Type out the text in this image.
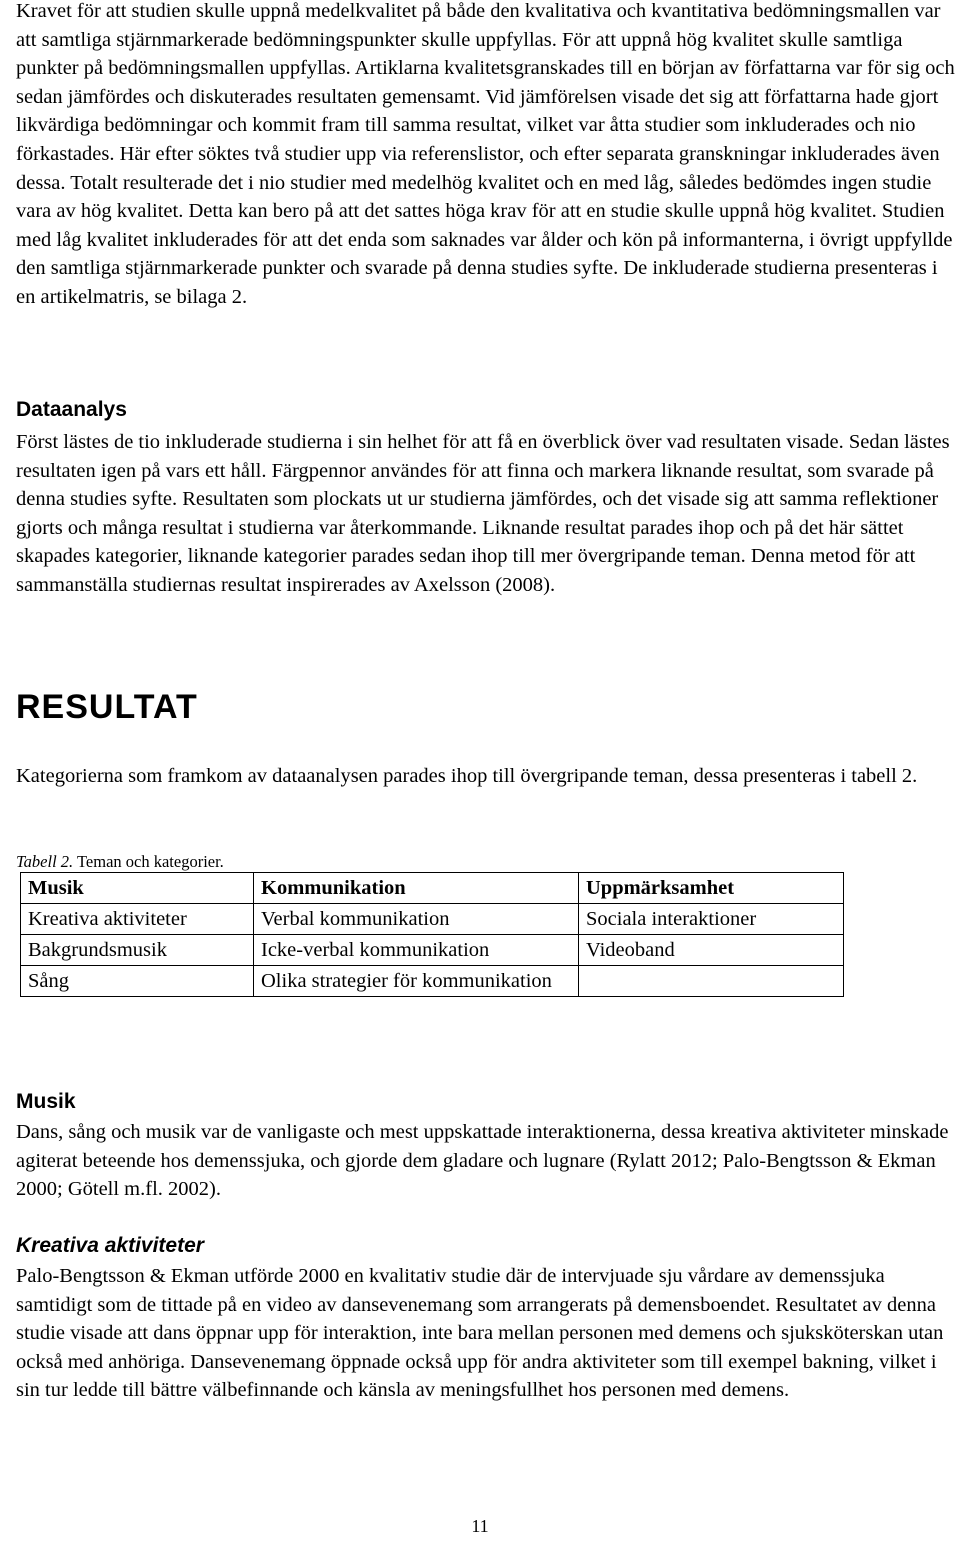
Kravet för att studien skulle uppnå medelkvalitet på både den kvalitativa och kvantitativa bedömningsmallen var att samtliga stjärnmarkerade bedömningspunkter skulle uppfyllas. För att uppnå hög kvalitet skulle samtliga punkter på bedömningsmallen uppfyllas. Artiklarna kvalitetsgranskades till en början av författarna var för sig och sedan jämfördes och diskuterades resultaten gemensamt. Vid jämförelsen visade det sig att författarna hade gjort likvärdiga bedömningar och kommit fram till samma resultat, vilket var åtta studier som inkluderades och nio förkastades. Här efter söktes två studier upp via referenslistor, och efter separata granskningar inkluderades även dessa. Totalt resulterade det i nio studier med medelhög kvalitet och en med låg, således bedömdes ingen studie vara av hög kvalitet. Detta kan bero på att det sattes höga krav för att en studie skulle uppnå hög kvalitet. Studien med låg kvalitet inkluderades för att det enda som saknades var ålder och kön på informanterna, i övrigt uppfyllde den samtliga stjärnmarkerade punkter och svarade på denna studies syfte. De inkluderade studierna presenteras i en artikelmatris, se bilaga 2.

Dataanalys

Först lästes de tio inkluderade studierna i sin helhet för att få en överblick över vad resultaten visade. Sedan lästes resultaten igen på vars ett håll. Färgpennor användes för att finna och markera liknande resultat, som svarade på denna studies syfte. Resultaten som plockats ut ur studierna jämfördes, och det visade sig att samma reflektioner gjorts och många resultat i studierna var återkommande. Liknande resultat parades ihop och på det här sättet skapades kategorier, liknande kategorier parades sedan ihop till mer övergripande teman. Denna metod för att sammanställa studiernas resultat inspirerades av Axelsson (2008).

RESULTAT

Kategorierna som framkom av dataanalysen parades ihop till övergripande teman, dessa presenteras i tabell 2.

Tabell 2. Teman och kategorier.

Musik	Kommunikation	Uppmärksamhet
Kreativa aktiviteter	Verbal kommunikation	Sociala interaktioner
Bakgrundsmusik	Icke-verbal kommunikation	Videoband
Sång	Olika strategier för kommunikation	
Musik

Dans, sång och musik var de vanligaste och mest uppskattade interaktionerna, dessa kreativa aktiviteter minskade agiterat beteende hos demenssjuka, och gjorde dem gladare och lugnare (Rylatt 2012; Palo-Bengtsson & Ekman 2000; Götell m.fl. 2002).

Kreativa aktiviteter

Palo-Bengtsson & Ekman utförde 2000 en kvalitativ studie där de intervjuade sju vårdare av demenssjuka samtidigt som de tittade på en video av dansevenemang som arrangerats på demensboendet. Resultatet av denna studie visade att dans öppnar upp för interaktion, inte bara mellan personen med demens och sjuksköterskan utan också med anhöriga. Dansevenemang öppnade också upp för andra aktiviteter som till exempel bakning, vilket i sin tur ledde till bättre välbefinnande och känsla av meningsfullhet hos personen med demens.

11
